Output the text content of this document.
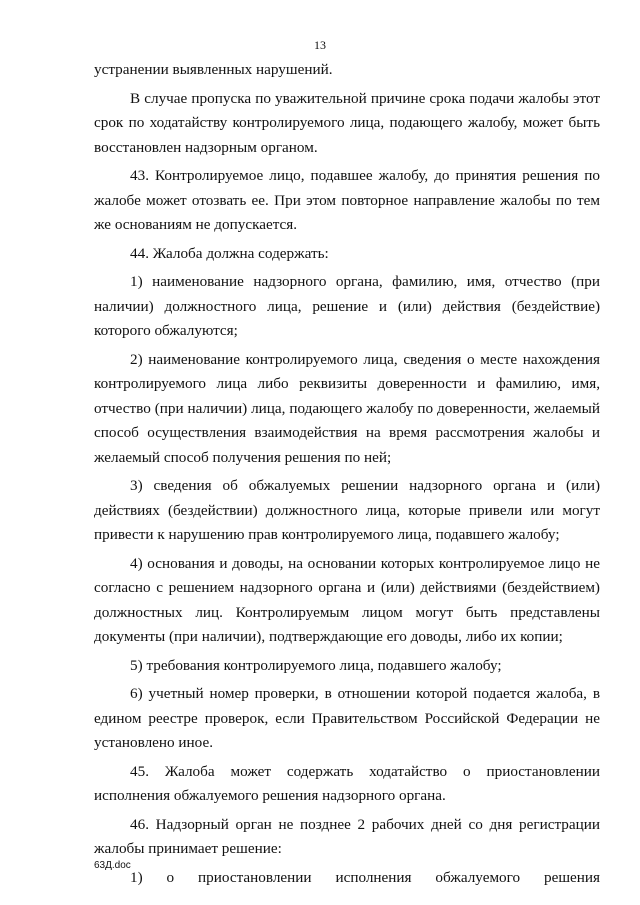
13

устранении выявленных нарушений.

В случае пропуска по уважительной причине срока подачи жалобы этот срок по ходатайству контролируемого лица, подающего жалобу, может быть восстановлен надзорным органом.

43. Контролируемое лицо, подавшее жалобу, до принятия решения по жалобе может отозвать ее. При этом повторное направление жалобы по тем же основаниям не допускается.

44. Жалоба должна содержать:

1) наименование надзорного органа, фамилию, имя, отчество (при наличии) должностного лица, решение и (или) действия (бездействие) которого обжалуются;

2) наименование контролируемого лица, сведения о месте нахождения контролируемого лица либо реквизиты доверенности и фамилию, имя, отчество (при наличии) лица, подающего жалобу по доверенности, желаемый способ осуществления взаимодействия на время рассмотрения жалобы и желаемый способ получения решения по ней;

3) сведения об обжалуемых решении надзорного органа и (или) действиях (бездействии) должностного лица, которые привели или могут привести к нарушению прав контролируемого лица, подавшего жалобу;

4) основания и доводы, на основании которых контролируемое лицо не согласно с решением надзорного органа и (или) действиями (бездействием) должностных лиц. Контролируемым лицом могут быть представлены документы (при наличии), подтверждающие его доводы, либо их копии;

5) требования контролируемого лица, подавшего жалобу;

6) учетный номер проверки, в отношении которой подается жалоба, в едином реестре проверок, если Правительством Российской Федерации не установлено иное.

45. Жалоба может содержать ходатайство о приостановлении исполнения обжалуемого решения надзорного органа.

46. Надзорный орган не позднее 2 рабочих дней со дня регистрации жалобы принимает решение:

1) о приостановлении исполнения обжалуемого решения

63Д.doc
